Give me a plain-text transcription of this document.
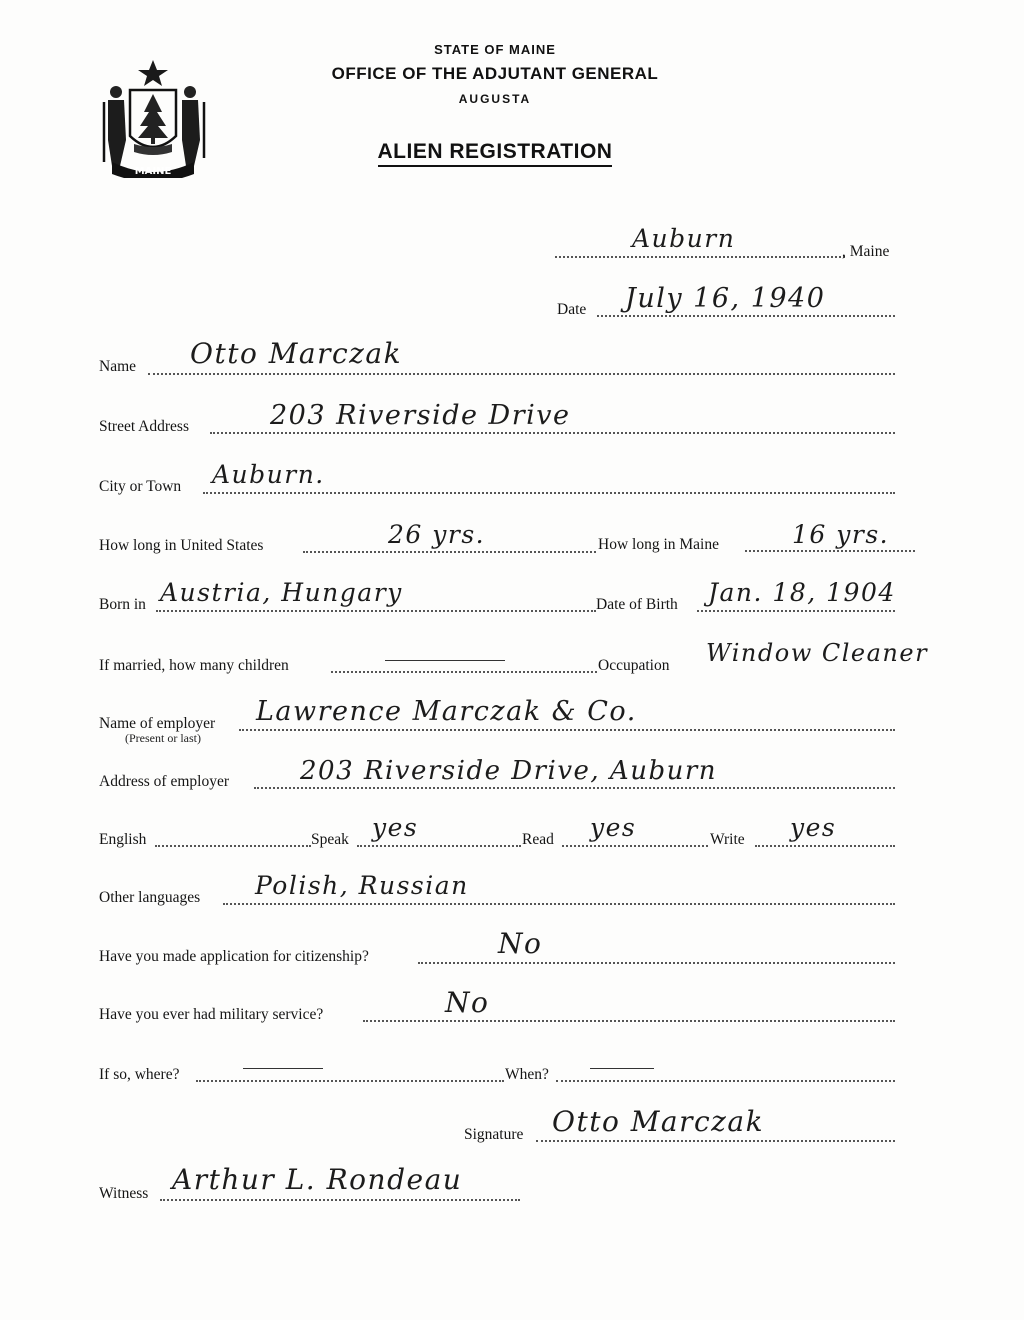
MAINE
STATE OF MAINE
OFFICE OF THE ADJUTANT GENERAL
AUGUSTA
ALIEN REGISTRATION
Auburn	, Maine
Date July 16, 1940
Name Otto Marczak
Street Address	203 Riverside Drive
City or Town Auburn.
How long in United States	26 yrs.	How long in Maine	16 yrs.
Born in Austria, Hungary	Date of Birth Jan. 18, 1904
If married, how many children	Occupation Window Cleaner
Name of employer
(Present or last)
Lawrence Marczak & Co.
Address of employer	203 Riverside Drive, Auburn
English	Speak yes	Read yes	Write yes
Other languages Polish, Russian
Have you made application for citizenship?	No
Have you ever had military service?	No
If so, where?	When?
Signature Otto Marczak
Witness Arthur L. Rondeau
